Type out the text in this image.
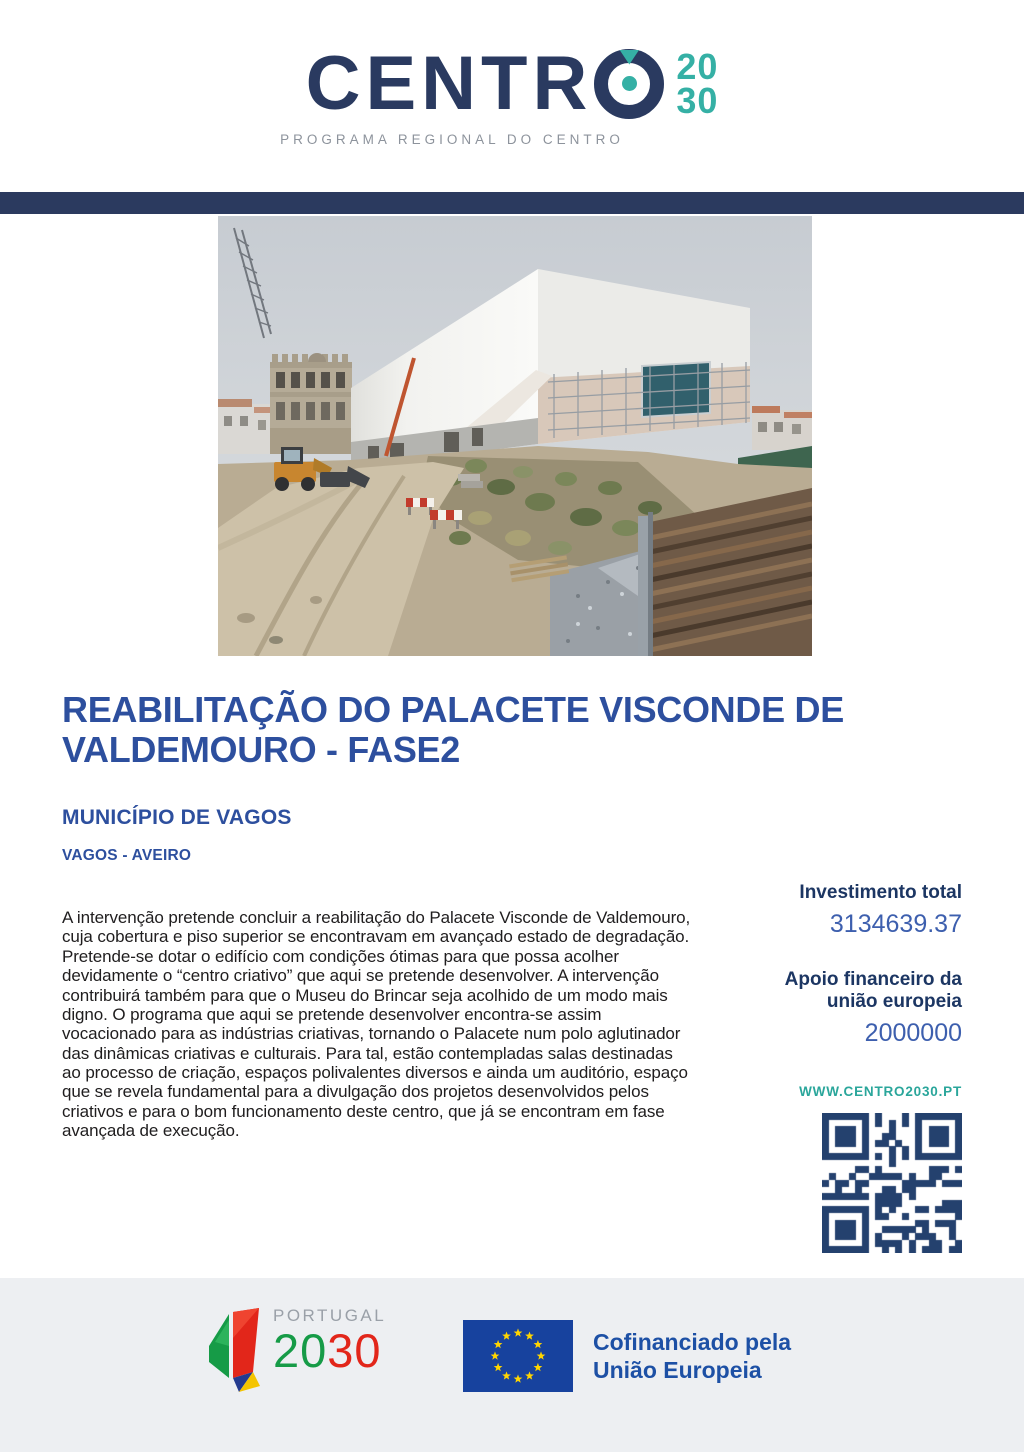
CENTR 20
30
PROGRAMA REGIONAL DO CENTRO
REABILITAÇÃO DO PALACETE VISCONDE DE VALDEMOURO - FASE2
MUNICÍPIO DE VAGOS
VAGOS - AVEIRO

A intervenção pretende concluir a reabilitação do Palacete Visconde de Valdemouro, cuja cobertura e piso superior se encontravam em avançado estado de degradação. Pretende-se dotar o edifício com condições ótimas para que possa acolher devidamente o “centro criativo” que aqui se pretende desenvolver. A intervenção contribuirá também para que o Museu do Brincar seja acolhido de um modo mais digno. O programa que aqui se pretende desenvolver encontra-se assim vocacionado para as indústrias criativas, tornando o Palacete num polo aglutinador das dinâmicas criativas e culturais. Para tal, estão contempladas salas destinadas ao processo de criação, espaços polivalentes diversos e ainda um auditório, espaço que se revela fundamental para a divulgação dos projetos desenvolvidos pelos criativos e para o bom funcionamento deste centro, que já se encontram em fase avançada de execução.

Investimento total
3134639.37
Apoio financeiro da união europeia
2000000
WWW.CENTRO2030.PT
PORTUGAL
2030	Cofinanciado pela União Europeia
